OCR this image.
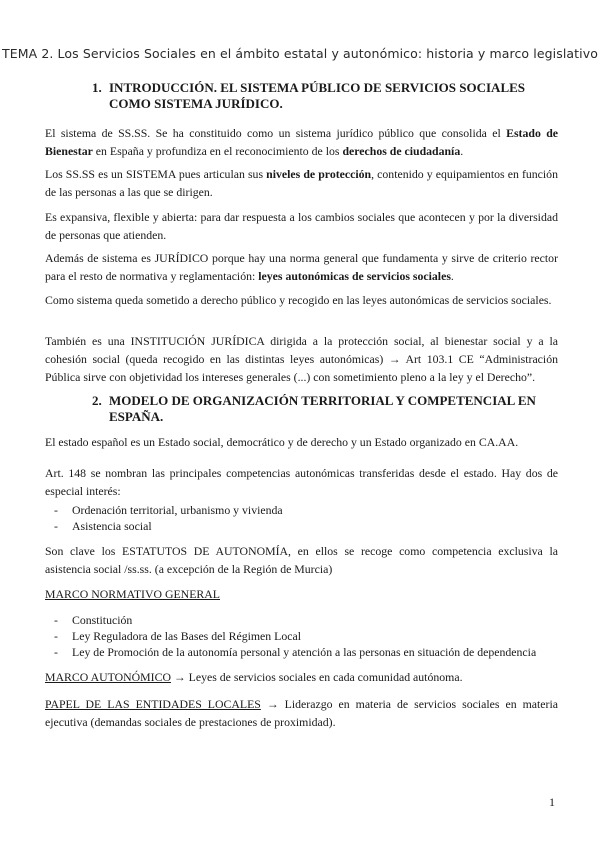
TEMA 2. Los Servicios Sociales en el ámbito estatal y autonómico: historia y marco legislativo
1. INTRODUCCIÓN. EL SISTEMA PÚBLICO DE SERVICIOS SOCIALES COMO SISTEMA JURÍDICO.

El sistema de SS.SS. Se ha constituido como un sistema jurídico público que consolida el Estado de Bienestar en España y profundiza en el reconocimiento de los derechos de ciudadanía.

Los SS.SS es un SISTEMA pues articulan sus niveles de protección, contenido y equipamientos en función de las personas a las que se dirigen.

Es expansiva, flexible y abierta: para dar respuesta a los cambios sociales que acontecen y por la diversidad de personas que atienden.

Además de sistema es JURÍDICO porque hay una norma general que fundamenta y sirve de criterio rector para el resto de normativa y reglamentación: leyes autonómicas de servicios sociales.

Como sistema queda sometido a derecho público y recogido en las leyes autonómicas de servicios sociales.

También es una INSTITUCIÓN JURÍDICA dirigida a la protección social, al bienestar social y a la cohesión social (queda recogido en las distintas leyes autonómicas) → Art 103.1 CE “Administración Pública sirve con objetividad los intereses generales (...) con sometimiento pleno a la ley y el Derecho”.

2. MODELO DE ORGANIZACIÓN TERRITORIAL Y COMPETENCIAL EN ESPAÑA.

El estado español es un Estado social, democrático y de derecho y un Estado organizado en CA.AA.

Art. 148 se nombran las principales competencias autonómicas transferidas desde el estado. Hay dos de especial interés:

- Ordenación territorial, urbanismo y vivienda
- Asistencia social

Son clave los ESTATUTOS DE AUTONOMÍA, en ellos se recoge como competencia exclusiva la asistencia social /ss.ss. (a excepción de la Región de Murcia)

MARCO NORMATIVO GENERAL

- Constitución
- Ley Reguladora de las Bases del Régimen Local
- Ley de Promoción de la autonomía personal y atención a las personas en situación de dependencia

MARCO AUTONÓMICO → Leyes de servicios sociales en cada comunidad autónoma.

PAPEL DE LAS ENTIDADES LOCALES → Liderazgo en materia de servicios sociales en materia ejecutiva (demandas sociales de prestaciones de proximidad).

1
